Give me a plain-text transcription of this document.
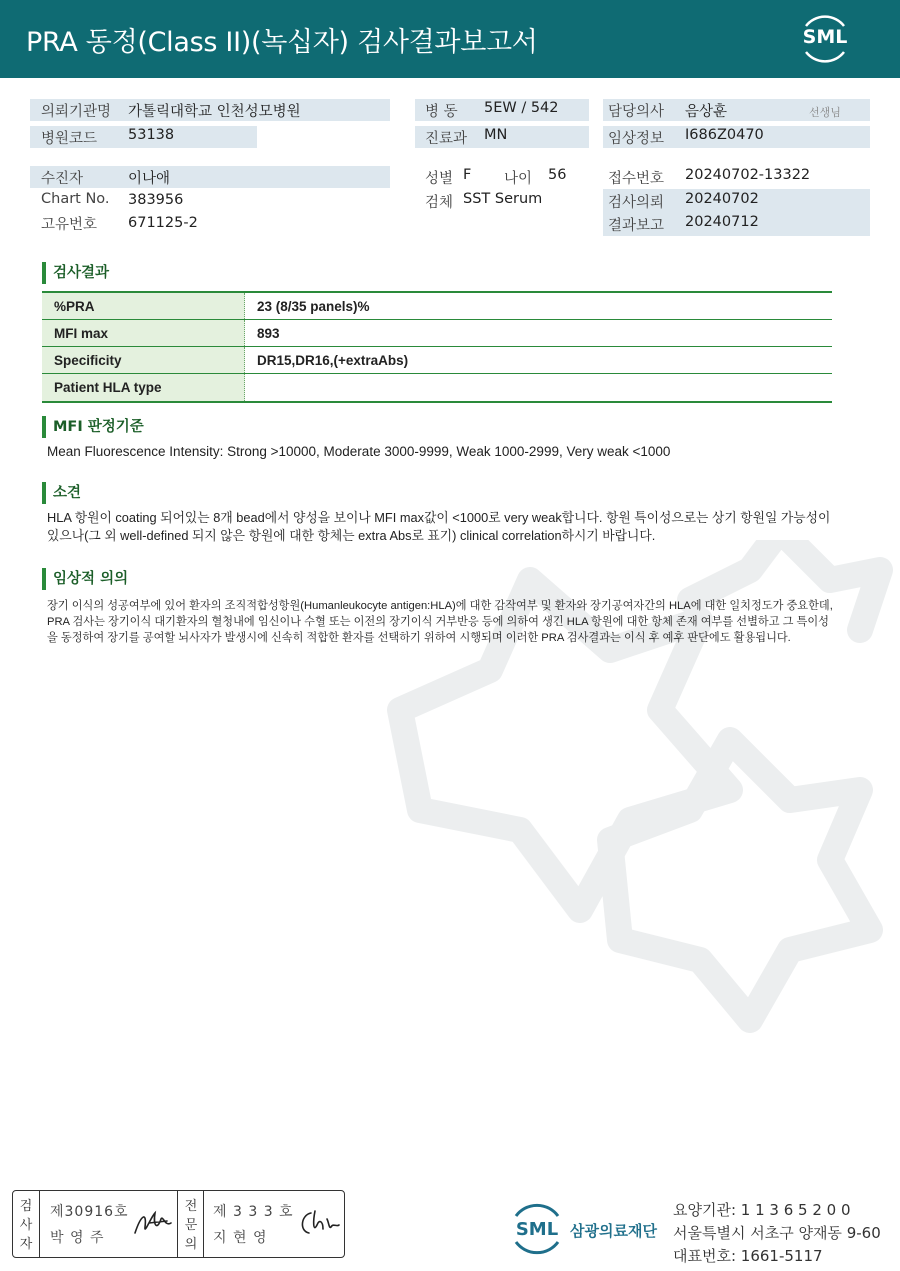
PRA 동정(Class II)(녹십자) 검사결과보고서	SML
의뢰기관명 가톨릭대학교 인천성모병원
병원코드 53138
수진자	이나애
Chart No. 383956
고유번호 671125-2
병 동 5EW / 542
진료과 MN
성별 F 나이 56
검체 SST Serum
담당의사 음상훈	선생님
임상정보 I686Z0470
접수번호 20240702-13322
검사의뢰 20240702
결과보고 20240712
검사결과
%PRA	23 (8/35 panels)%
MFI max	893
Specificity	DR15,DR16,(+extraAbs)
Patient HLA type
MFI 판정기준
Mean Fluorescence Intensity: Strong >10000, Moderate 3000-9999, Weak 1000-2999, Very weak <1000
소견
HLA 항원이 coating 되어있는 8개 bead에서 양성을 보이나 MFI max값이 <1000로 very weak합니다. 항원 특이성으로는 상기 항원일 가능성이 있으나(그 외 well-defined 되지 않은 항원에 대한 항체는 extra Abs로 표기) clinical correlation하시기 바랍니다.
임상적 의의
장기 이식의 성공여부에 있어 환자의 조직적합성항원(Humanleukocyte antigen:HLA)에 대한 감작여부 및 환자와 장기공여자간의 HLA에 대한 일치정도가 중요한데, PRA 검사는 장기이식 대기환자의 혈청내에 임신이나 수혈 또는 이전의 장기이식 거부반응 등에 의하여 생긴 HLA 항원에 대한 항체 존재 여부를 선별하고 그 특이성을 동정하여 장기를 공여할 뇌사자가 발생시에 신속히 적합한 환자를 선택하기 위하여 시행되며 이러한 PRA 검사결과는 이식 후 예후 판단에도 활용됩니다.
검사자
제30916호
박 영 주
전문의
제 3 3 3 호
지 현 영	SML 삼광의료재단
요양기관: 1 1 3 6 5 2 0 0
서울특별시 서초구 양재동 9-60
대표번호: 1661-5117
